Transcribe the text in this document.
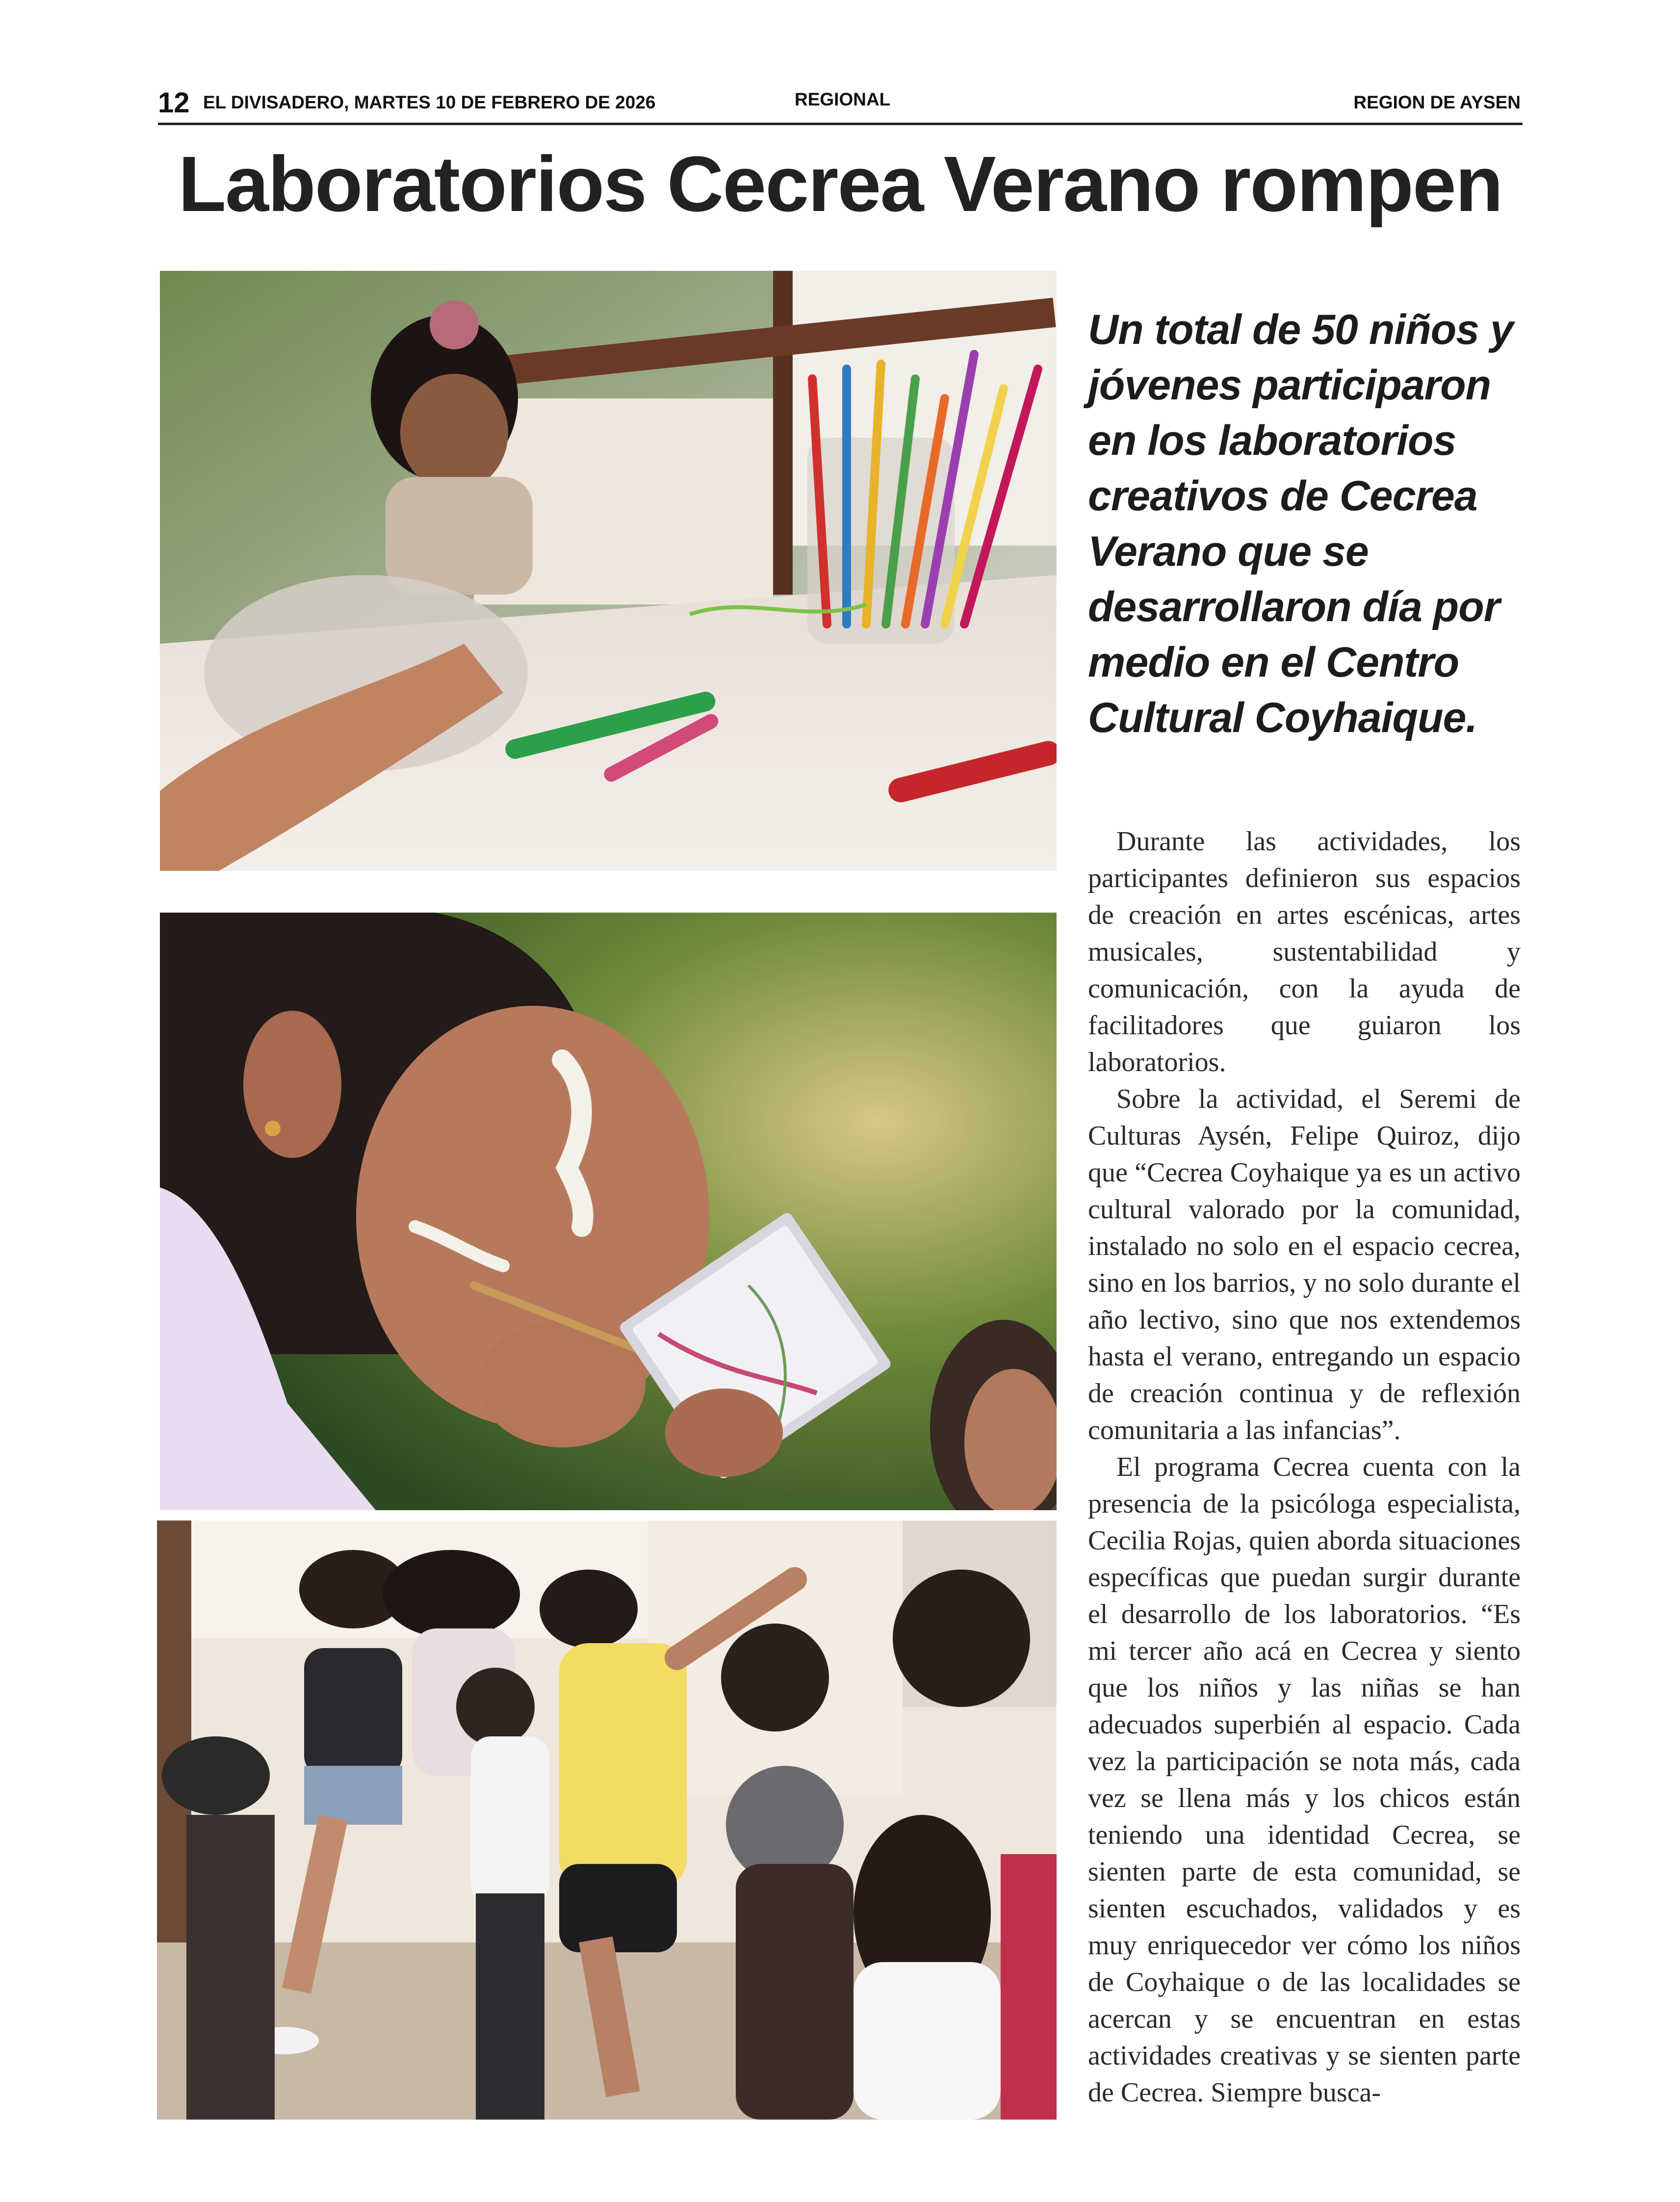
12 EL DIVISADERO, MARTES 10 DE FEBRERO DE 2026	REGIONAL	REGION DE AYSEN
Laboratorios Cecrea Verano rompen

Un total de 50 niños y jóvenes participaron en los laboratorios creativos de Cecrea Verano que se desarrollaron día por medio en el Centro Cultural Coyhaique.

Durante las actividades, los participantes definieron sus espacios de creación en artes escénicas, artes musicales, sustentabilidad y comunicación, con la ayuda de facilitadores que guiaron los laboratorios.

Sobre la actividad, el Seremi de Culturas Aysén, Felipe Quiroz, dijo que “Cecrea Coyhaique ya es un activo cultural valorado por la comunidad, instalado no solo en el espacio cecrea, sino en los barrios, y no solo durante el año lectivo, sino que nos extendemos hasta el verano, entregando un espacio de creación continua y de reflexión comunitaria a las infancias”.

El programa Cecrea cuenta con la presencia de la psicóloga especialista, Cecilia Rojas, quien aborda situaciones específicas que puedan surgir durante el desarrollo de los laboratorios. “Es mi tercer año acá en Cecrea y siento que los niños y las niñas se han adecuados superbién al espacio. Cada vez la participación se nota más, cada vez se llena más y los chicos están teniendo una identidad Cecrea, se sienten parte de esta comunidad, se sienten escuchados, validados y es muy enriquecedor ver cómo los niños de Coyhaique o de las localidades se acercan y se encuentran en estas actividades creativas y se sienten parte de Cecrea. Siempre busca-
